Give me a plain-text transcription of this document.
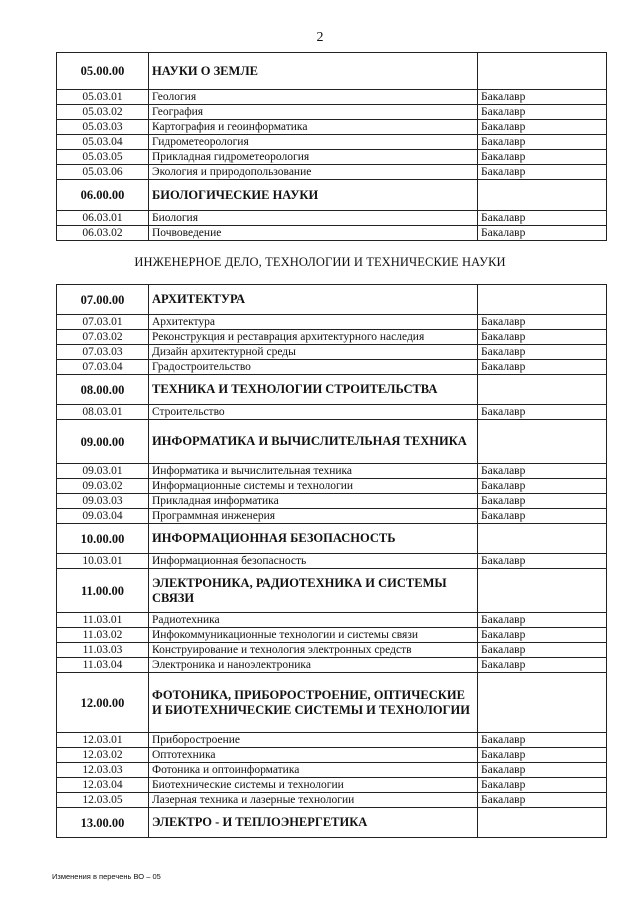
2
05.00.00	НАУКИ О ЗЕМЛЕ	
05.03.01	Геология	Бакалавр
05.03.02	География	Бакалавр
05.03.03	Картография и геоинформатика	Бакалавр
05.03.04	Гидрометеорология	Бакалавр
05.03.05	Прикладная гидрометеорология	Бакалавр
05.03.06	Экология и природопользование	Бакалавр
06.00.00	БИОЛОГИЧЕСКИЕ НАУКИ	
06.03.01	Биология	Бакалавр
06.03.02	Почвоведение	Бакалавр
ИНЖЕНЕРНОЕ ДЕЛО, ТЕХНОЛОГИИ И ТЕХНИЧЕСКИЕ НАУКИ
07.00.00	АРХИТЕКТУРА	
07.03.01	Архитектура	Бакалавр
07.03.02	Реконструкция и реставрация архитектурного наследия	Бакалавр
07.03.03	Дизайн архитектурной среды	Бакалавр
07.03.04	Градостроительство	Бакалавр
08.00.00	ТЕХНИКА И ТЕХНОЛОГИИ СТРОИТЕЛЬСТВА	
08.03.01	Строительство	Бакалавр
09.00.00	ИНФОРМАТИКА И ВЫЧИСЛИТЕЛЬНАЯ ТЕХНИКА	
09.03.01	Информатика и вычислительная техника	Бакалавр
09.03.02	Информационные системы и технологии	Бакалавр
09.03.03	Прикладная информатика	Бакалавр
09.03.04	Программная инженерия	Бакалавр
10.00.00	ИНФОРМАЦИОННАЯ БЕЗОПАСНОСТЬ	
10.03.01	Информационная безопасность	Бакалавр
11.00.00	ЭЛЕКТРОНИКА, РАДИОТЕХНИКА И СИСТЕМЫ СВЯЗИ	
11.03.01	Радиотехника	Бакалавр
11.03.02	Инфокоммуникационные технологии и системы связи	Бакалавр
11.03.03	Конструирование и технология электронных средств	Бакалавр
11.03.04	Электроника и наноэлектроника	Бакалавр
12.00.00	ФОТОНИКА, ПРИБОРОСТРОЕНИЕ, ОПТИЧЕСКИЕ И БИОТЕХНИЧЕСКИЕ СИСТЕМЫ И ТЕХНОЛОГИИ	
12.03.01	Приборостроение	Бакалавр
12.03.02	Оптотехника	Бакалавр
12.03.03	Фотоника и оптоинформатика	Бакалавр
12.03.04	Биотехнические системы и технологии	Бакалавр
12.03.05	Лазерная техника и лазерные технологии	Бакалавр
13.00.00	ЭЛЕКТРО - И ТЕПЛОЭНЕРГЕТИКА	
Изменения в перечень ВО – 05
